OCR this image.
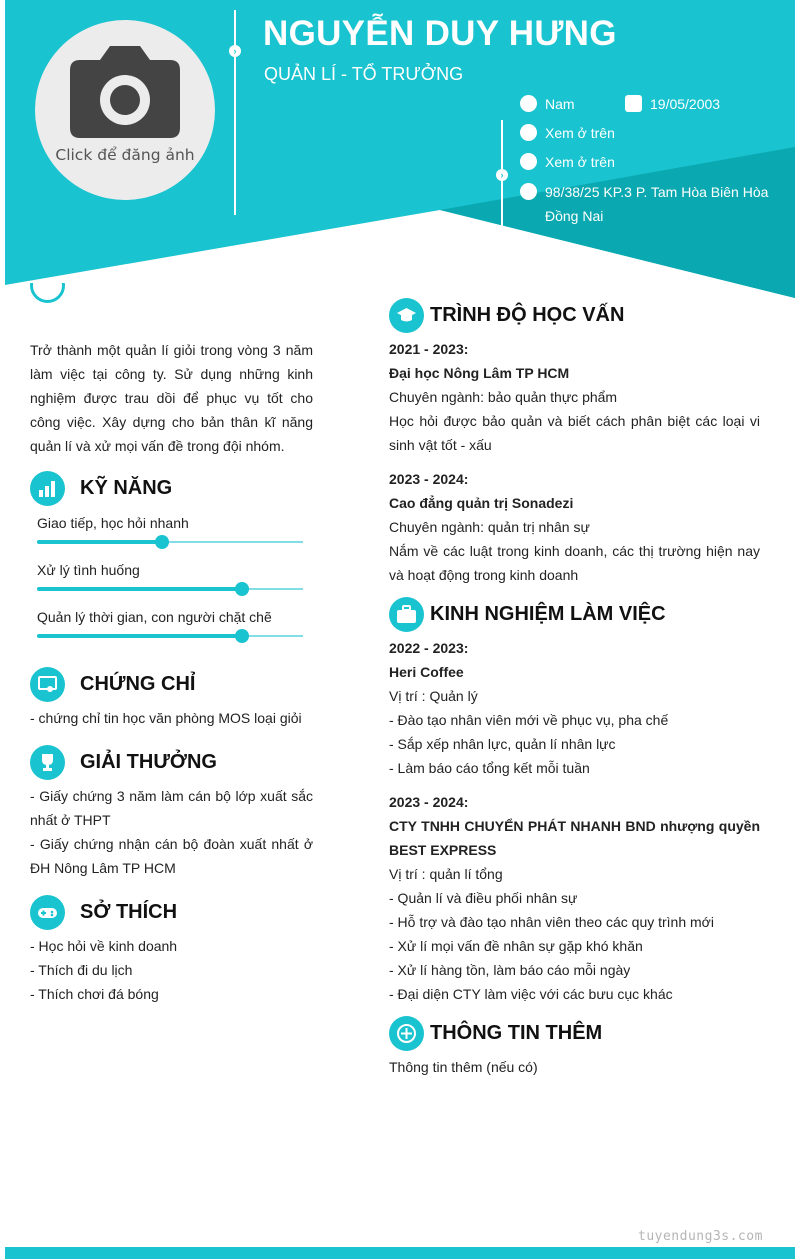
Click để đăng ảnh
› NGUYỄN DUY HƯNG
QUẢN LÍ - TỔ TRƯỞNG
›
Nam	19/05/2003
Xem ở trên
Xem ở trên
98/38/25 KP.3 P. Tam Hòa Biên Hòa Đồng Nai
Trở thành một quản lí giỏi trong vòng 3 năm làm việc tại công ty. Sử dụng những kinh nghiệm được trau dồi để phục vụ tốt cho công việc. Xây dựng cho bản thân kĩ năng quản lí và xử mọi vấn đề trong đội nhóm.
KỸ NĂNG
Giao tiếp, học hỏi nhanh
Xử lý tình huống
Quản lý thời gian, con người chặt chẽ
CHỨNG CHỈ
- chứng chỉ tin học văn phòng MOS loại giỏi
GIẢI THƯỞNG
- Giấy chứng 3 năm làm cán bộ lớp xuất sắc nhất ở THPT
- Giấy chứng nhận cán bộ đoàn xuất nhất ở ĐH Nông Lâm TP HCM
SỞ THÍCH
- Học hỏi về kinh doanh
- Thích đi du lịch
- Thích chơi đá bóng
TRÌNH ĐỘ HỌC VẤN
2021 - 2023:
Đại học Nông Lâm TP HCM
Chuyên ngành: bảo quản thực phẩm
Học hỏi được bảo quản và biết cách phân biệt các loại vi sinh vật tốt - xấu
2023 - 2024:
Cao đẳng quản trị Sonadezi
Chuyên ngành: quản trị nhân sự
Nắm về các luật trong kinh doanh, các thị trường hiện nay và hoạt động trong kinh doanh
KINH NGHIỆM LÀM VIỆC
2022 - 2023:
Heri Coffee
Vị trí : Quản lý
- Đào tạo nhân viên mới về phục vụ, pha chế
- Sắp xếp nhân lực, quản lí nhân lực
- Làm báo cáo tổng kết mỗi tuần
2023 - 2024:
CTY TNHH CHUYỂN PHÁT NHANH BND nhượng quyền BEST EXPRESS
Vị trí : quản lí tổng
- Quản lí và điều phối nhân sự
- Hỗ trợ và đào tạo nhân viên theo các quy trình mới
- Xử lí mọi vấn đề nhân sự gặp khó khăn
- Xử lí hàng tồn, làm báo cáo mỗi ngày
- Đại diện CTY làm việc với các bưu cục khác
THÔNG TIN THÊM
Thông tin thêm (nếu có)
tuyendung3s.com
